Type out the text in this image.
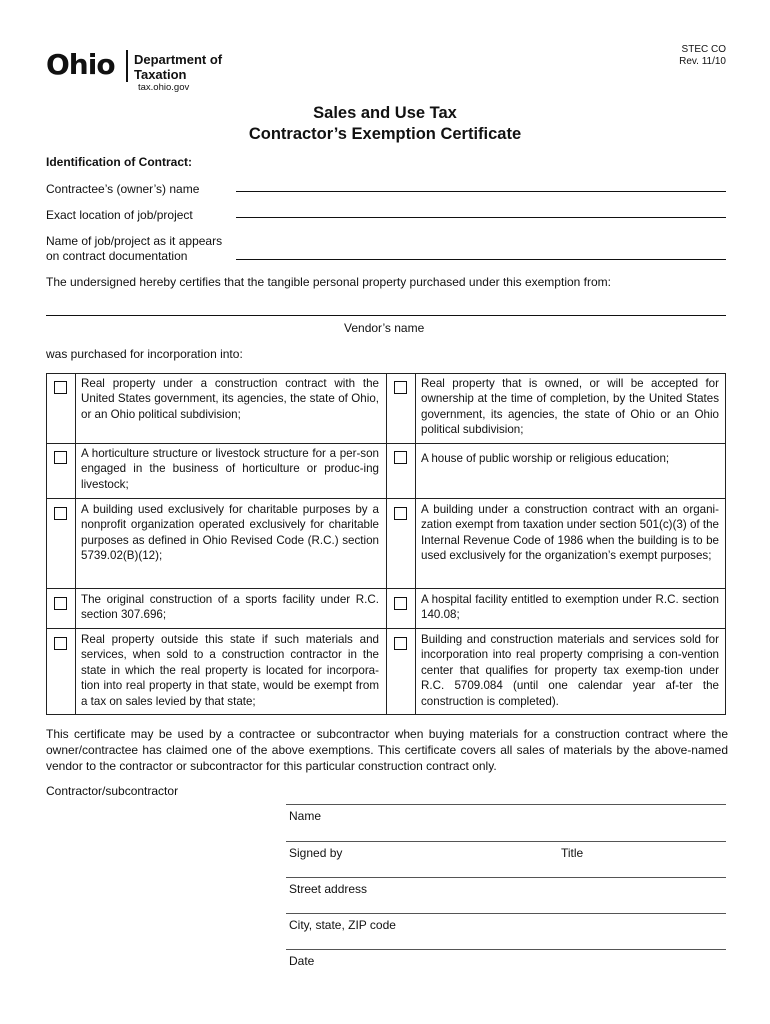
Ohio Department of
Taxation
tax.ohio.gov
STEC CO
Rev. 11/10
Sales and Use Tax
Contractor’s Exemption Certificate
Identification of Contract:
Contractee’s (owner’s) name
Exact location of job/project
Name of job/project as it appears
on contract documentation
The undersigned hereby certifies that the tangible personal property purchased under this exemption from:
Vendor’s name
was purchased for incorporation into:
Real property under a construction contract with the United States government, its agencies, the state of Ohio, or an Ohio political subdivision;
Real property that is owned, or will be accepted for ownership at the time of completion, by the United States government, its agencies, the state of Ohio or an Ohio political subdivision;
A horticulture structure or livestock structure for a per-son engaged in the business of horticulture or produc-ing livestock;
A house of public worship or religious education;
A building used exclusively for charitable purposes by a nonprofit organization operated exclusively for charitable purposes as defined in Ohio Revised Code (R.C.) section 5739.02(B)(12);
A building under a construction contract with an organi-zation exempt from taxation under section 501(c)(3) of the Internal Revenue Code of 1986 when the building is to be used exclusively for the organization’s exempt purposes;
The original construction of a sports facility under R.C. section 307.696;
A hospital facility entitled to exemption under R.C. section 140.08;
Real property outside this state if such materials and services, when sold to a construction contractor in the state in which the real property is located for incorpora-tion into real property in that state, would be exempt from a tax on sales levied by that state;
Building and construction materials and services sold for incorporation into real property comprising a con-vention center that qualifies for property tax exemp-tion under R.C. 5709.084 (until one calendar year af-ter the construction is completed).
This certificate may be used by a contractee or subcontractor when buying materials for a construction contract where the owner/contractee has claimed one of the above exemptions. This certificate covers all sales of materials by the above-named vendor to the contractor or subcontractor for this particular construction contract only.
Contractor/subcontractor
Name
Signed by	Title
Street address
City, state, ZIP code
Date
